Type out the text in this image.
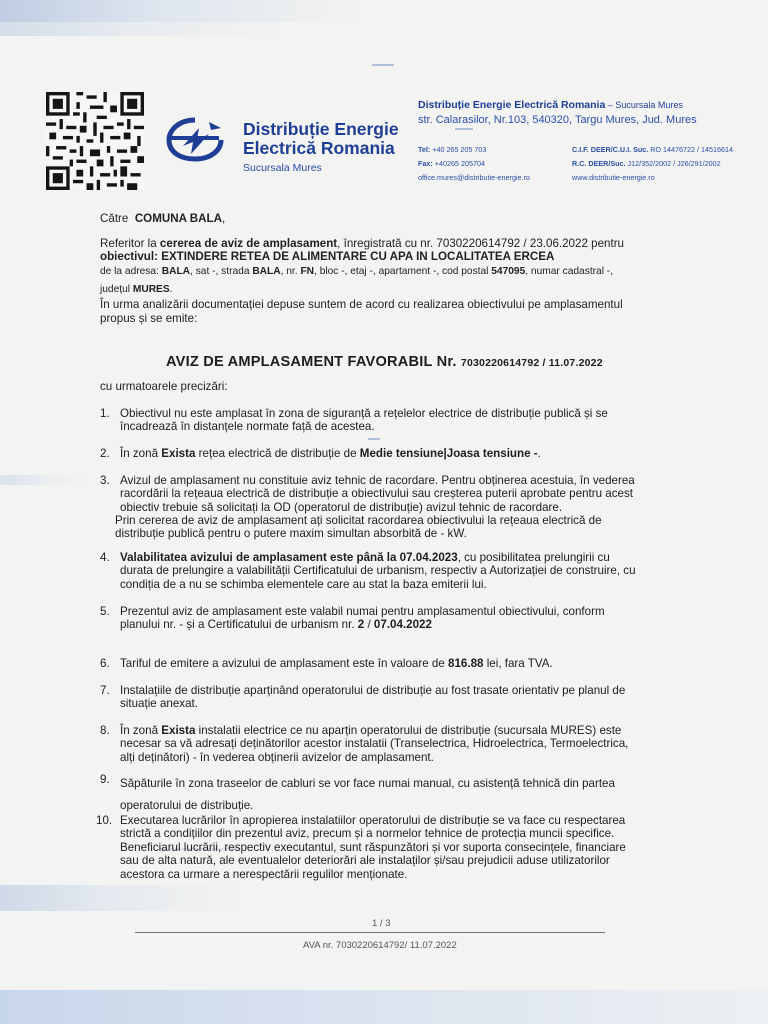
Distribuție Energie
Electrică Romania
Sucursala Mures
Distribuție Energie Electrică Romania – Sucursala Mures
str. Calarasilor, Nr.103, 540320, Targu Mures, Jud. Mures
Tel: +40 265 205 703
Fax: +40265 205704
office.mures@distributie-energie.ro
C.I.F. DEER/C.U.I. Suc. RO 14476722 / 14516614
R.C. DEER/Suc. J12/352/2002 / J26/291/2002
www.distributie-energie.ro
Către COMUNA BALA,
Referitor la cererea de aviz de amplasament, înregistrată cu nr. 7030220614792 / 23.06.2022 pentru
obiectivul: EXTINDERE RETEA DE ALIMENTARE CU APA IN LOCALITATEA ERCEA
de la adresa: BALA, sat -, strada BALA, nr. FN, bloc -, etaj -, apartament -, cod postal 547095, numar cadastral -,
județul MURES.
În urma analizării documentației depuse suntem de acord cu realizarea obiectivului pe amplasamentul
propus și se emite:
AVIZ DE AMPLASAMENT FAVORABIL Nr. 7030220614792 / 11.07.2022
cu urmatoarele precizări:
1. Obiectivul nu este amplasat în zona de siguranță a rețelelor electrice de distribuție publică și se
încadrează în distanțele normate față de acestea.
2. În zonă Exista rețea electrică de distribuție de Medie tensiune|Joasa tensiune -.
3. Avizul de amplasament nu constituie aviz tehnic de racordare. Pentru obținerea acestuia, în vederea
racordării la rețeaua electrică de distribuție a obiectivului sau creșterea puterii aprobate pentru acest
obiectiv trebuie să solicitați la OD (operatorul de distribuție) avizul tehnic de racordare.
Prin cererea de aviz de amplasament ați solicitat racordarea obiectivului la rețeaua electrică de
distribuție publică pentru o putere maxim simultan absorbită de - kW.
4. Valabilitatea avizului de amplasament este până la 07.04.2023, cu posibilitatea prelungirii cu
durata de prelungire a valabilității Certificatului de urbanism, respectiv a Autorizației de construire, cu
condiția de a nu se schimba elementele care au stat la baza emiterii lui.
5. Prezentul aviz de amplasament este valabil numai pentru amplasamentul obiectivului, conform
planului nr. - și a Certificatului de urbanism nr. 2 / 07.04.2022
6. Tariful de emitere a avizului de amplasament este în valoare de 816.88 lei, fara TVA.
7. Instalațiile de distribuție aparținând operatorului de distribuție au fost trasate orientativ pe planul de
situație anexat.
8. În zonă Exista instalatii electrice ce nu aparțin operatorului de distribuție (sucursala MURES) este
necesar sa vă adresați deținătorilor acestor instalatii (Transelectrica, Hidroelectrica, Termoelectrica,
alți deținători) - în vederea obținerii avizelor de amplasament.
9. Săpăturile în zona traseelor de cabluri se vor face numai manual, cu asistență tehnică din partea
operatorului de distribuție.
10. Executarea lucrărilor în apropierea instalatiilor operatorului de distribuție se va face cu respectarea
strictă a condițiilor din prezentul aviz, precum și a normelor tehnice de protecția muncii specifice.
Beneficiarul lucrării, respectiv executantul, sunt răspunzători și vor suporta consecințele, financiare
sau de alta natură, ale eventualelor deteriorări ale instalaților și/sau prejudicii aduse utilizatorilor
acestora ca urmare a nerespectării regulilor menționate.
1 / 3
AVA nr. 7030220614792/ 11.07.2022
